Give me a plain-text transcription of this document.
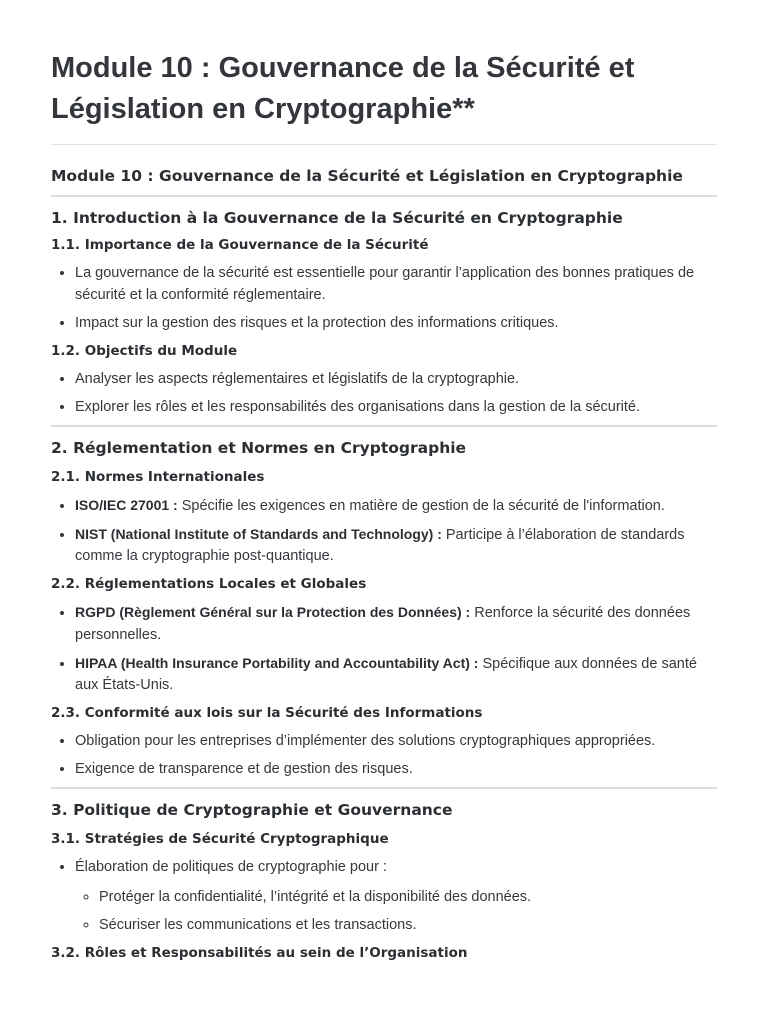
Module 10 : Gouvernance de la Sécurité et Législation en Cryptographie**
Module 10 : Gouvernance de la Sécurité et Législation en Cryptographie
1. Introduction à la Gouvernance de la Sécurité en Cryptographie
1.1. Importance de la Gouvernance de la Sécurité
• La gouvernance de la sécurité est essentielle pour garantir l’application des bonnes pratiques de sécurité et la conformité réglementaire.
• Impact sur la gestion des risques et la protection des informations critiques.
1.2. Objectifs du Module
• Analyser les aspects réglementaires et législatifs de la cryptographie.
• Explorer les rôles et les responsabilités des organisations dans la gestion de la sécurité.
2. Réglementation et Normes en Cryptographie
2.1. Normes Internationales
• ISO/IEC 27001 : Spécifie les exigences en matière de gestion de la sécurité de l'information.
• NIST (National Institute of Standards and Technology) : Participe à l’élaboration de standards comme la cryptographie post-quantique.
2.2. Réglementations Locales et Globales
• RGPD (Règlement Général sur la Protection des Données) : Renforce la sécurité des données personnelles.
• HIPAA (Health Insurance Portability and Accountability Act) : Spécifique aux données de santé aux États-Unis.
2.3. Conformité aux lois sur la Sécurité des Informations
• Obligation pour les entreprises d’implémenter des solutions cryptographiques appropriées.
• Exigence de transparence et de gestion des risques.
3. Politique de Cryptographie et Gouvernance
3.1. Stratégies de Sécurité Cryptographique
• Élaboration de politiques de cryptographie pour :
◦ Protéger la confidentialité, l’intégrité et la disponibilité des données.
◦ Sécuriser les communications et les transactions.
3.2. Rôles et Responsabilités au sein de l’Organisation
